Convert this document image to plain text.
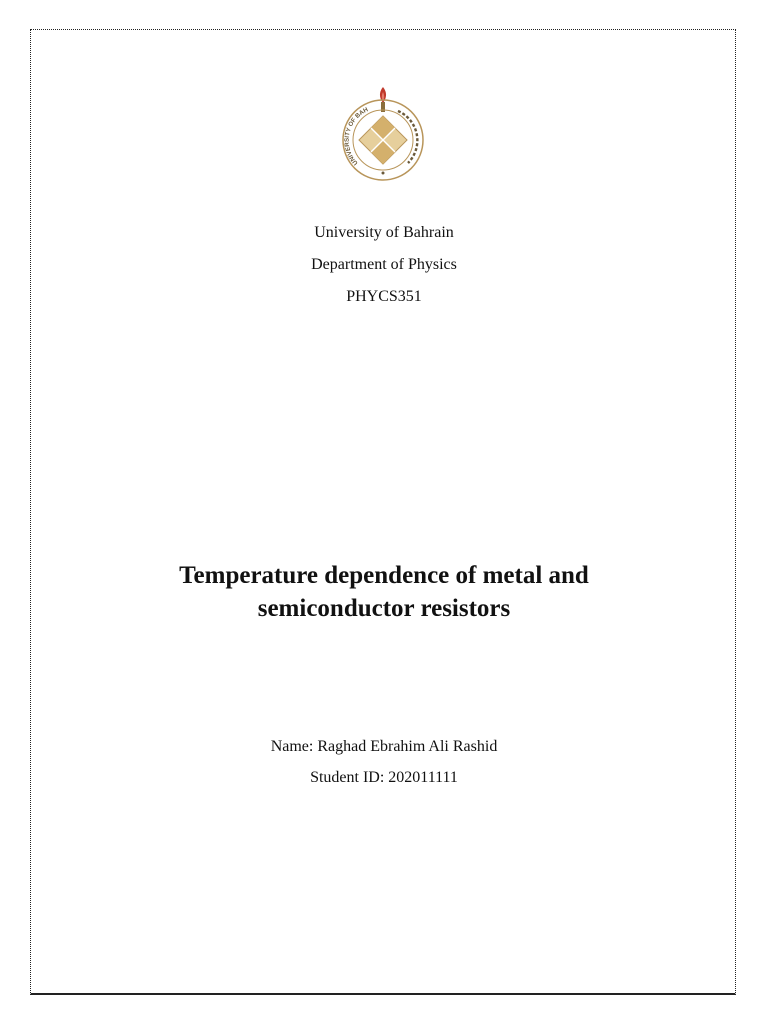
UNIVERSITY OF BAH
University of Bahrain
Department of Physics
PHYCS351
Temperature dependence of metal and
semiconductor resistors
Name: Raghad Ebrahim Ali Rashid
Student ID: 202011111
